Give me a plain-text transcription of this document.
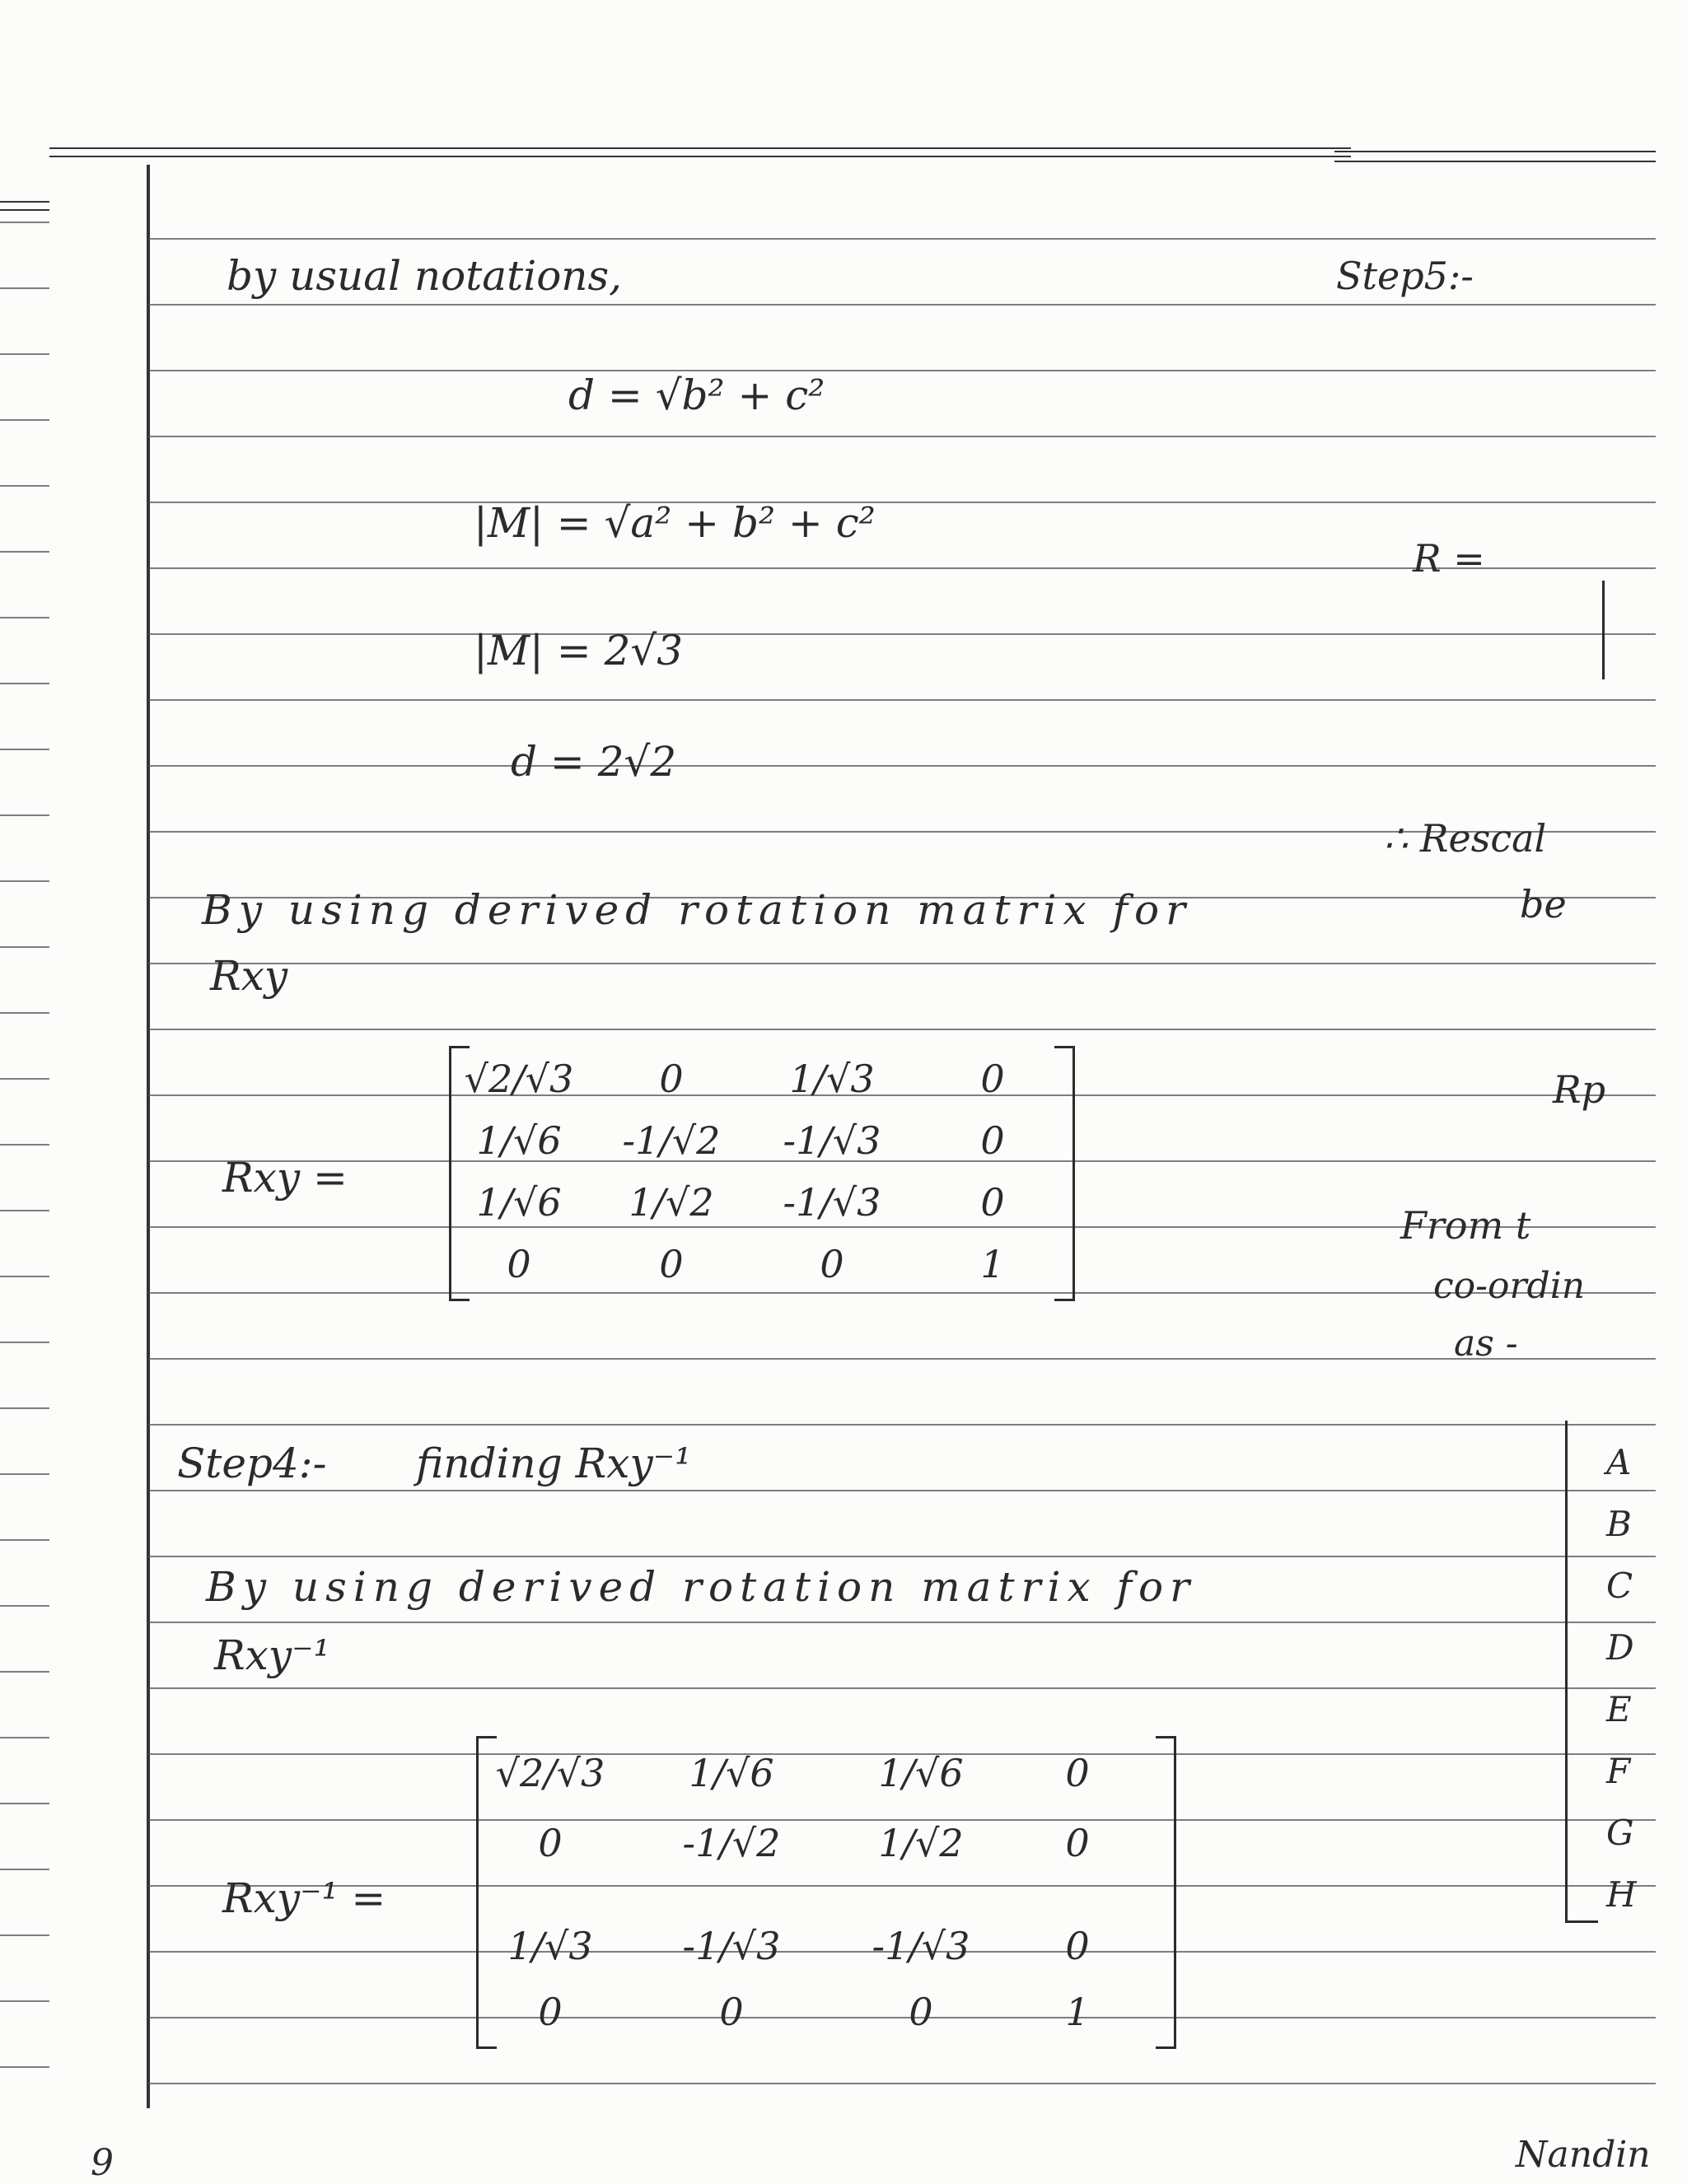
by usual notations,
d = √b² + c²
|M| = √a² + b² + c²
|M| = 2√3
d = 2√2
By using derived rotation matrix for
Rxy
Rxy =
√2/√3 0	1/√3	0
1/√6 -1/√2 -1/√3	0
1/√6 1/√2 -1/√3	0
0	0	0	1
Step4:- finding Rxy⁻¹
By using derived rotation matrix for
Rxy⁻¹
Rxy⁻¹ =
√2/√3 1/√6	1/√6	0
0	-1/√2	1/√2	0
1/√3 -1/√3 -1/√3	0
0	0	0	1
9	Nandin
Step5:-
R =
∴ Rescal
be
Rp
From t
co-ordin
as -
A
B
C
D
E
F
G
H
